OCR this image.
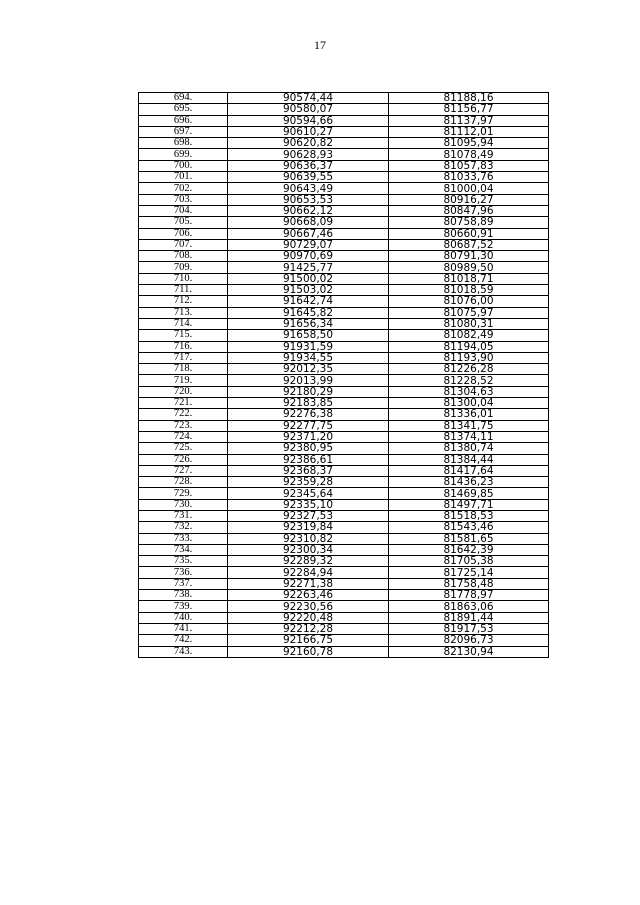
17
694.	90574,44	81188,16
695.	90580,07	81156,77
696.	90594,66	81137,97
697.	90610,27	81112,01
698.	90620,82	81095,94
699.	90628,93	81078,49
700.	90636,37	81057,83
701.	90639,55	81033,76
702.	90643,49	81000,04
703.	90653,53	80916,27
704.	90662,12	80847,96
705.	90668,09	80758,89
706.	90667,46	80660,91
707.	90729,07	80687,52
708.	90970,69	80791,30
709.	91425,77	80989,50
710.	91500,02	81018,71
711.	91503,02	81018,59
712.	91642,74	81076,00
713.	91645,82	81075,97
714.	91656,34	81080,31
715.	91658,50	81082,49
716.	91931,59	81194,05
717.	91934,55	81193,90
718.	92012,35	81226,28
719.	92013,99	81228,52
720.	92180,29	81304,63
721.	92183,85	81300,04
722.	92276,38	81336,01
723.	92277,75	81341,75
724.	92371,20	81374,11
725.	92380,95	81380,74
726.	92386,61	81384,44
727.	92368,37	81417,64
728.	92359,28	81436,23
729.	92345,64	81469,85
730.	92335,10	81497,71
731.	92327,53	81518,53
732.	92319,84	81543,46
733.	92310,82	81581,65
734.	92300,34	81642,39
735.	92289,32	81705,38
736.	92284,94	81725,14
737.	92271,38	81758,48
738.	92263,46	81778,97
739.	92230,56	81863,06
740.	92220,48	81891,44
741.	92212,28	81917,53
742.	92166,75	82096,73
743.	92160,78	82130,94
